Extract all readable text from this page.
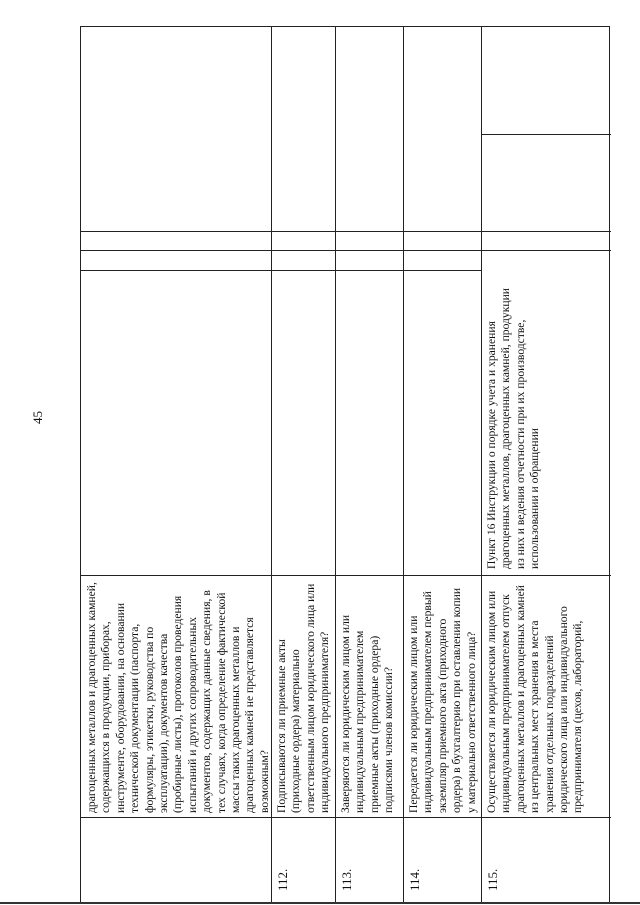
45
драгоценных металлов и драгоценных камней, содержащихся в продукции, приборах, инструменте, оборудовании, на основании технической документации (паспорта, формуляры, этикетки, руководства по эксплуатации), документов качества (пробирные листы), протоколов проведения испытаний и других сопроводительных документов, содержащих данные сведения, в тех случаях, когда определение фактической массы таких драгоценных металлов и драгоценных камней не представляется возможным?
112.
Подписываются ли приемные акты (приходные ордера) материально ответственным лицом юридического лица или индивидуального предпринимателя?
113.
Заверяются ли юридическим лицом или индивидуальным предпринимателем приемные акты (приходные ордера) подписями членов комиссии?
114.
Передается ли юридическим лицом или индивидуальным предпринимателем первый экземпляр приемного акта (приходного ордера) в бухгалтерию при оставлении копии у материально ответственного лица?
115.
Осуществляется ли юридическим лицом или индивидуальным предпринимателем отпуск драгоценных металлов и драгоценных камней из центральных мест хранения в места хранения отдельных подразделений юридического лица или индивидуального предпринимателя (цехов, лабораторий,
Пункт 16 Инструкции о порядке учета и хранения драгоценных металлов, драгоценных камней, продукции из них и ведения отчетности при их производстве, использовании и обращении
